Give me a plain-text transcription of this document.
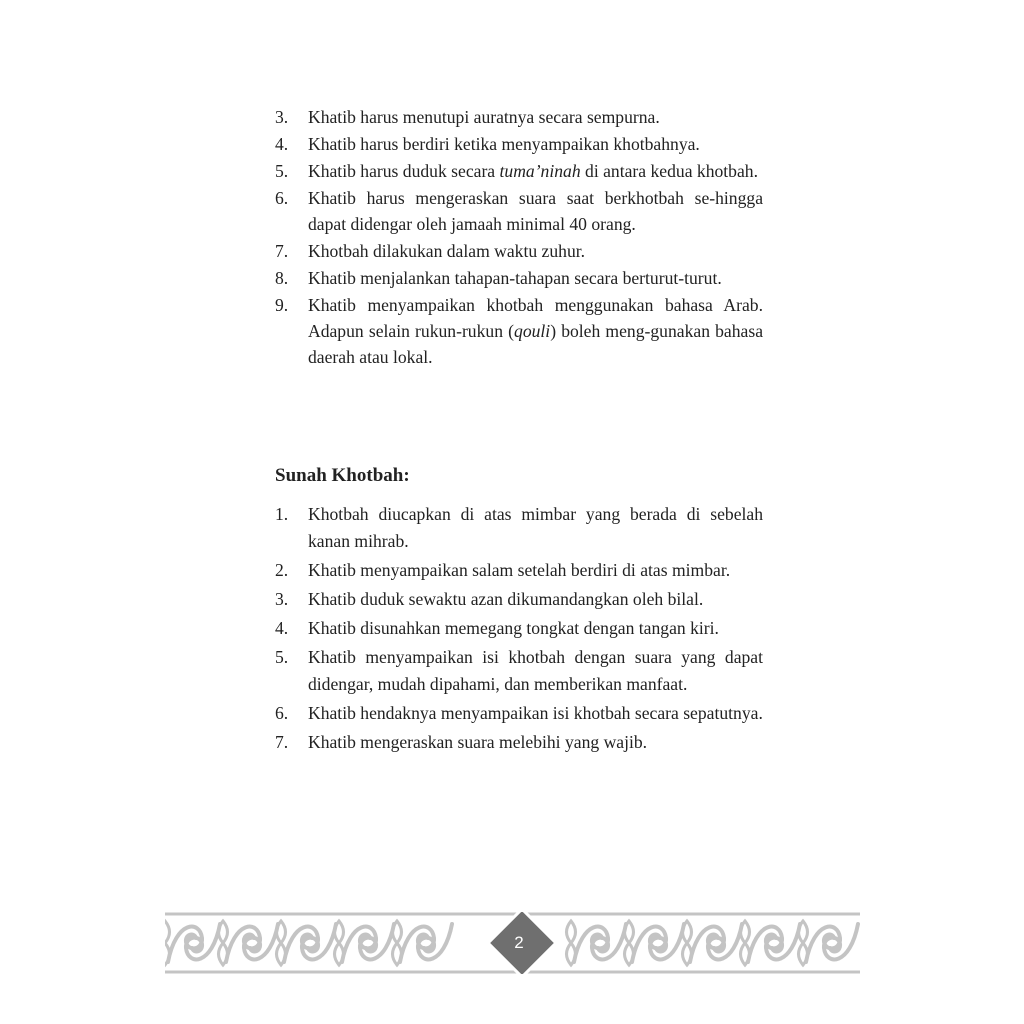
3. Khatib harus menutupi auratnya secara sempurna.
4. Khatib harus berdiri ketika menyampaikan khotbahnya.
5. Khatib harus duduk secara tuma’ninah di antara kedua khotbah.
6. Khatib harus mengeraskan suara saat berkhotbah se-hingga dapat didengar oleh jamaah minimal 40 orang.
7. Khotbah dilakukan dalam waktu zuhur.
8. Khatib menjalankan tahapan-tahapan secara berturut-turut.
9. Khatib menyampaikan khotbah menggunakan bahasa Arab. Adapun selain rukun-rukun (qouli) boleh meng-gunakan bahasa daerah atau lokal.
Sunah Khotbah:
1. Khotbah diucapkan di atas mimbar yang berada di sebelah kanan mihrab.
2. Khatib menyampaikan salam setelah berdiri di atas mimbar.
3. Khatib duduk sewaktu azan dikumandangkan oleh bilal.
4. Khatib disunahkan memegang tongkat dengan tangan kiri.
5. Khatib menyampaikan isi khotbah dengan suara yang dapat didengar, mudah dipahami, dan memberikan manfaat.
6. Khatib hendaknya menyampaikan isi khotbah secara sepatutnya.
7. Khatib mengeraskan suara melebihi yang wajib.
2
